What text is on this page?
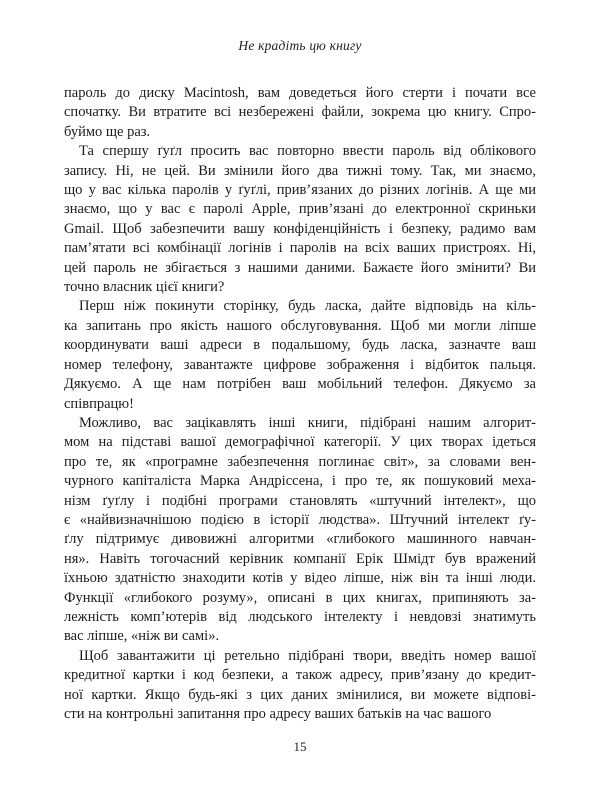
Не крадіть цю книгу

пароль до диску Macintosh, вам доведеться його стерти і почати все
спочатку. Ви втратите всі незбережені файли, зокрема цю книгу. Спро-
буймо ще раз.

Та спершу ґуґл просить вас повторно ввести пароль від облікового
запису. Ні, не цей. Ви змінили його два тижні тому. Так, ми знаємо,
що у вас кілька паролів у ґуґлі, прив’язаних до різних логінів. А ще ми
знаємо, що у вас є паролі Apple, прив’язані до електронної скриньки
Gmail. Щоб забезпечити вашу конфіденційність і безпеку, радимо вам
пам’ятати всі комбінації логінів і паролів на всіх ваших пристроях. Ні,
цей пароль не збігається з нашими даними. Бажаєте його змінити? Ви
точно власник цієї книги?

Перш ніж покинути сторінку, будь ласка, дайте відповідь на кіль-
ка запитань про якість нашого обслуговування. Щоб ми могли ліпше
координувати ваші адреси в подальшому, будь ласка, зазначте ваш
номер телефону, завантажте цифрове зображення і відбиток пальця.
Дякуємо. А ще нам потрібен ваш мобільний телефон. Дякуємо за
співпрацю!

Можливо, вас зацікавлять інші книги, підібрані нашим алгорит-
мом на підставі вашої демографічної категорії. У цих творах ідеться
про те, як «програмне забезпечення поглинає світ», за словами вен-
чурного капіталіста Марка Андріссена, і про те, як пошуковий меха-
нізм ґуґлу і подібні програми становлять «штучний інтелект», що
є «найвизначнішою подією в історії людства». Штучний інтелект ґу-
ґлу підтримує дивовижні алгоритми «глибокого машинного навчан-
ня». Навіть тогочасний керівник компанії Ерік Шмідт був вражений
їхньою здатністю знаходити котів у відео ліпше, ніж він та інші люди.
Функції «глибокого розуму», описані в цих книгах, припиняють за-
лежність комп’ютерів від людського інтелекту і невдовзі знатимуть
вас ліпше, «ніж ви самі».

Щоб завантажити ці ретельно підібрані твори, введіть номер вашої
кредитної картки і код безпеки, а також адресу, прив’язану до кредит-
ної картки. Якщо будь-які з цих даних змінилися, ви можете відпові-
сти на контрольні запитання про адресу ваших батьків на час вашого

15
